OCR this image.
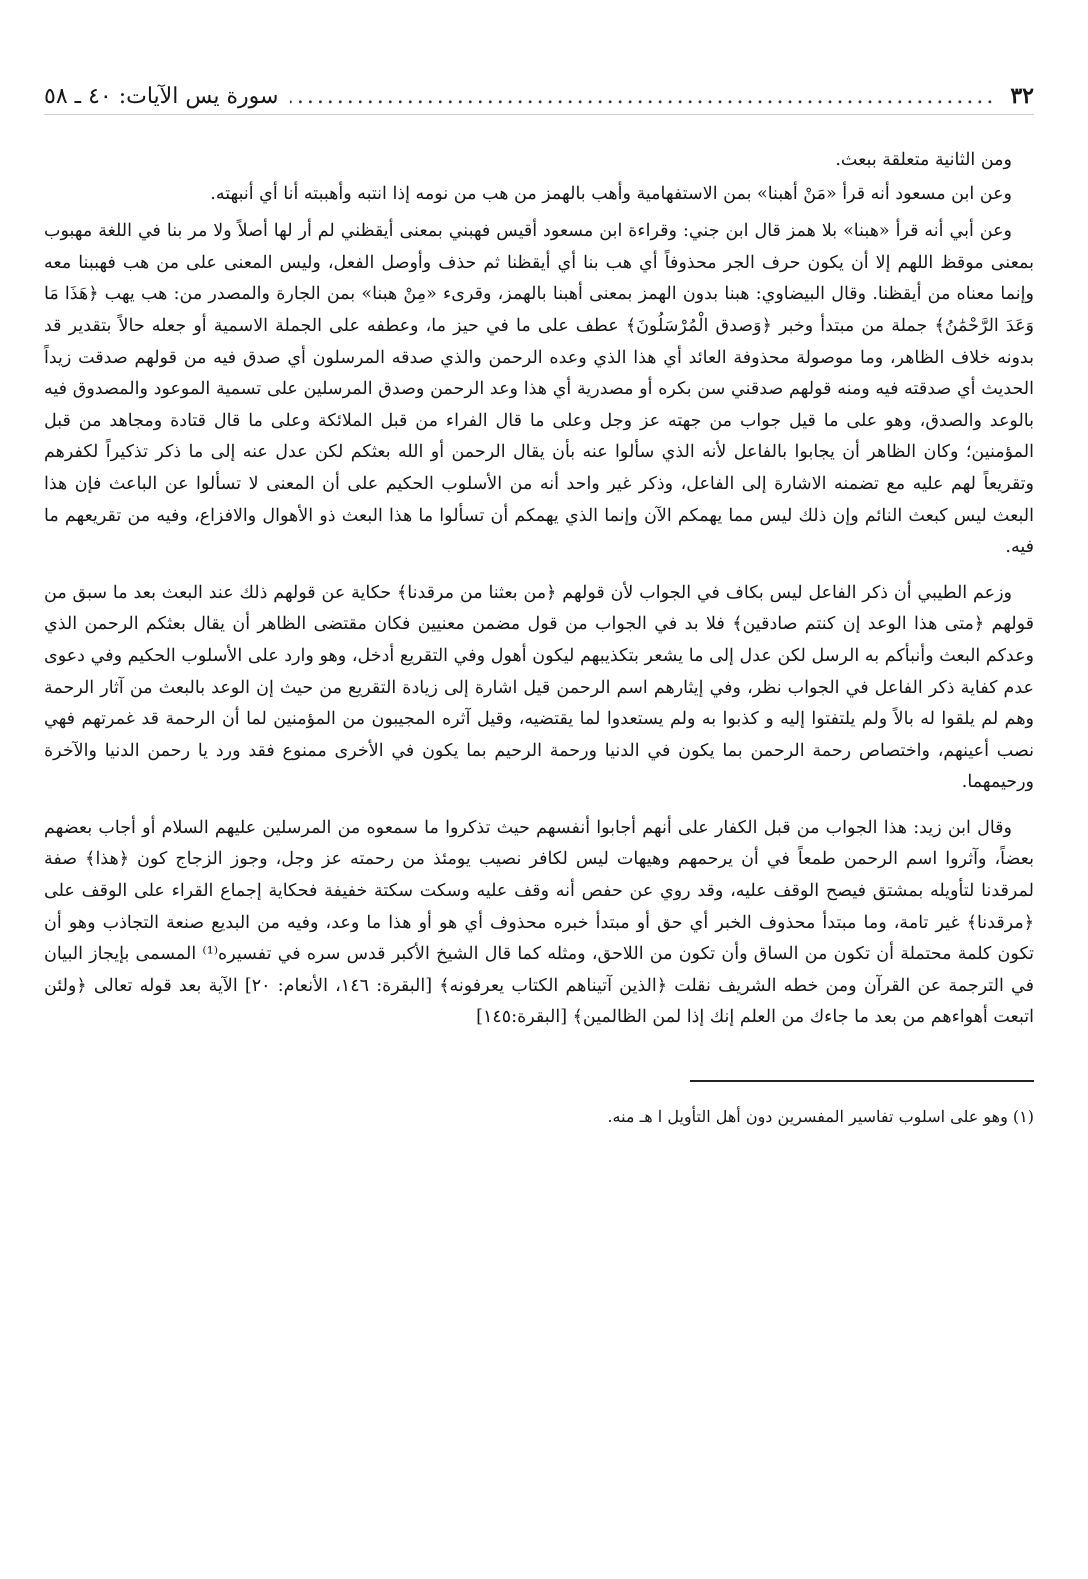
٣٢
.....
سورة يس الآيات: ٤٠ ـ ٥٨

ومن الثانية متعلقة ببعث.

وعن ابن مسعود أنه قرأ «مَنْ أهبنا» بمن الاستفهامية وأهب بالهمز من هب من نومه إذا انتبه وأهببته أنا أي أنبهته.

وعن أبي أنه قرأ «هبنا» بلا همز قال ابن جني: وقراءة ابن مسعود أقيس فهبني بمعنى أيقظني لم أر لها أصلاً ولا مر بنا في اللغة مهبوب بمعنى موقظ اللهم إلا أن يكون حرف الجر محذوفاً أي هب بنا أي أيقظنا ثم حذف وأوصل الفعل، وليس المعنى على من هب فهببنا معه وإنما معناه من أيقظنا. وقال البيضاوي: هبنا بدون الهمز بمعنى أهبنا بالهمز، وقرىء «مِنْ هبنا» بمن الجارة والمصدر من: هب يهب ﴿هَذَا مَا وَعَدَ الرَّحْمَٰنُ﴾ جملة من مبتدأ وخبر ﴿وَصدق الْمُرْسَلُونَ﴾ عطف على ما في حيز ما، وعطفه على الجملة الاسمية أو جعله حالاً بتقدير قد بدونه خلاف الظاهر، وما موصولة محذوفة العائد أي هذا الذي وعده الرحمن والذي صدقه المرسلون أي صدق فيه من قولهم صدقت زيداً الحديث أي صدقته فيه ومنه قولهم صدقني سن بكره أو مصدرية أي هذا وعد الرحمن وصدق المرسلين على تسمية الموعود والمصدوق فيه بالوعد والصدق، وهو على ما قيل جواب من جهته عز وجل وعلى ما قال الفراء من قبل الملائكة وعلى ما قال قتادة ومجاهد من قبل المؤمنين؛ وكان الظاهر أن يجابوا بالفاعل لأنه الذي سألوا عنه بأن يقال الرحمن أو الله بعثكم لكن عدل عنه إلى ما ذكر تذكيراً لكفرهم وتقريعاً لهم عليه مع تضمنه الاشارة إلى الفاعل، وذكر غير واحد أنه من الأسلوب الحكيم على أن المعنى لا تسألوا عن الباعث فإن هذا البعث ليس كبعث النائم وإن ذلك ليس مما يهمكم الآن وإنما الذي يهمكم أن تسألوا ما هذا البعث ذو الأهوال والافزاع، وفيه من تقريعهم ما فيه.

وزعم الطيبي أن ذكر الفاعل ليس بكاف في الجواب لأن قولهم ﴿من بعثنا من مرقدنا﴾ حكاية عن قولهم ذلك عند البعث بعد ما سبق من قولهم ﴿متى هذا الوعد إن كنتم صادقين﴾ فلا بد في الجواب من قول مضمن معنيين فكان مقتضى الظاهر أن يقال بعثكم الرحمن الذي وعدكم البعث وأنبأكم به الرسل لكن عدل إلى ما يشعر بتكذيبهم ليكون أهول وفي التقريع أدخل، وهو وارد على الأسلوب الحكيم وفي دعوى عدم كفاية ذكر الفاعل في الجواب نظر، وفي إيثارهم اسم الرحمن قيل اشارة إلى زيادة التقريع من حيث إن الوعد بالبعث من آثار الرحمة وهم لم يلقوا له بالاً ولم يلتفتوا إليه و كذبوا به ولم يستعدوا لما يقتضيه، وقيل آثره المجيبون من المؤمنين لما أن الرحمة قد غمرتهم فهي نصب أعينهم، واختصاص رحمة الرحمن بما يكون في الدنيا ورحمة الرحيم بما يكون في الأخرى ممنوع فقد ورد يا رحمن الدنيا والآخرة ورحيمهما.

وقال ابن زيد: هذا الجواب من قبل الكفار على أنهم أجابوا أنفسهم حيث تذكروا ما سمعوه من المرسلين عليهم السلام أو أجاب بعضهم بعضاً، وآثروا اسم الرحمن طمعاً في أن يرحمهم وهيهات ليس لكافر نصيب يومئذ من رحمته عز وجل، وجوز الزجاج كون ﴿هذا﴾ صفة لمرقدنا لتأويله بمشتق فيصح الوقف عليه، وقد روي عن حفص أنه وقف عليه وسكت سكتة خفيفة فحكاية إجماع القراء على الوقف على ﴿مرقدنا﴾ غير تامة، وما مبتدأ محذوف الخبر أي حق أو مبتدأ خبره محذوف أي هو أو هذا ما وعد، وفيه من البديع صنعة التجاذب وهو أن تكون كلمة محتملة أن تكون من الساق وأن تكون من اللاحق، ومثله كما قال الشيخ الأكبر قدس سره في تفسيره⁽¹⁾ المسمى بإيجاز البيان في الترجمة عن القرآن ومن خطه الشريف نقلت ﴿الذين آتيناهم الكتاب يعرفونه﴾ [البقرة: ١٤٦، الأنعام: ٢٠] الآية بعد قوله تعالى ﴿ولئن اتبعت أهواءهم من بعد ما جاءك من العلم إنك إذا لمن الظالمين﴾ [البقرة:١٤٥]

(١) وهو على اسلوب تفاسير المفسرين دون أهل التأويل ا هـ منه.
